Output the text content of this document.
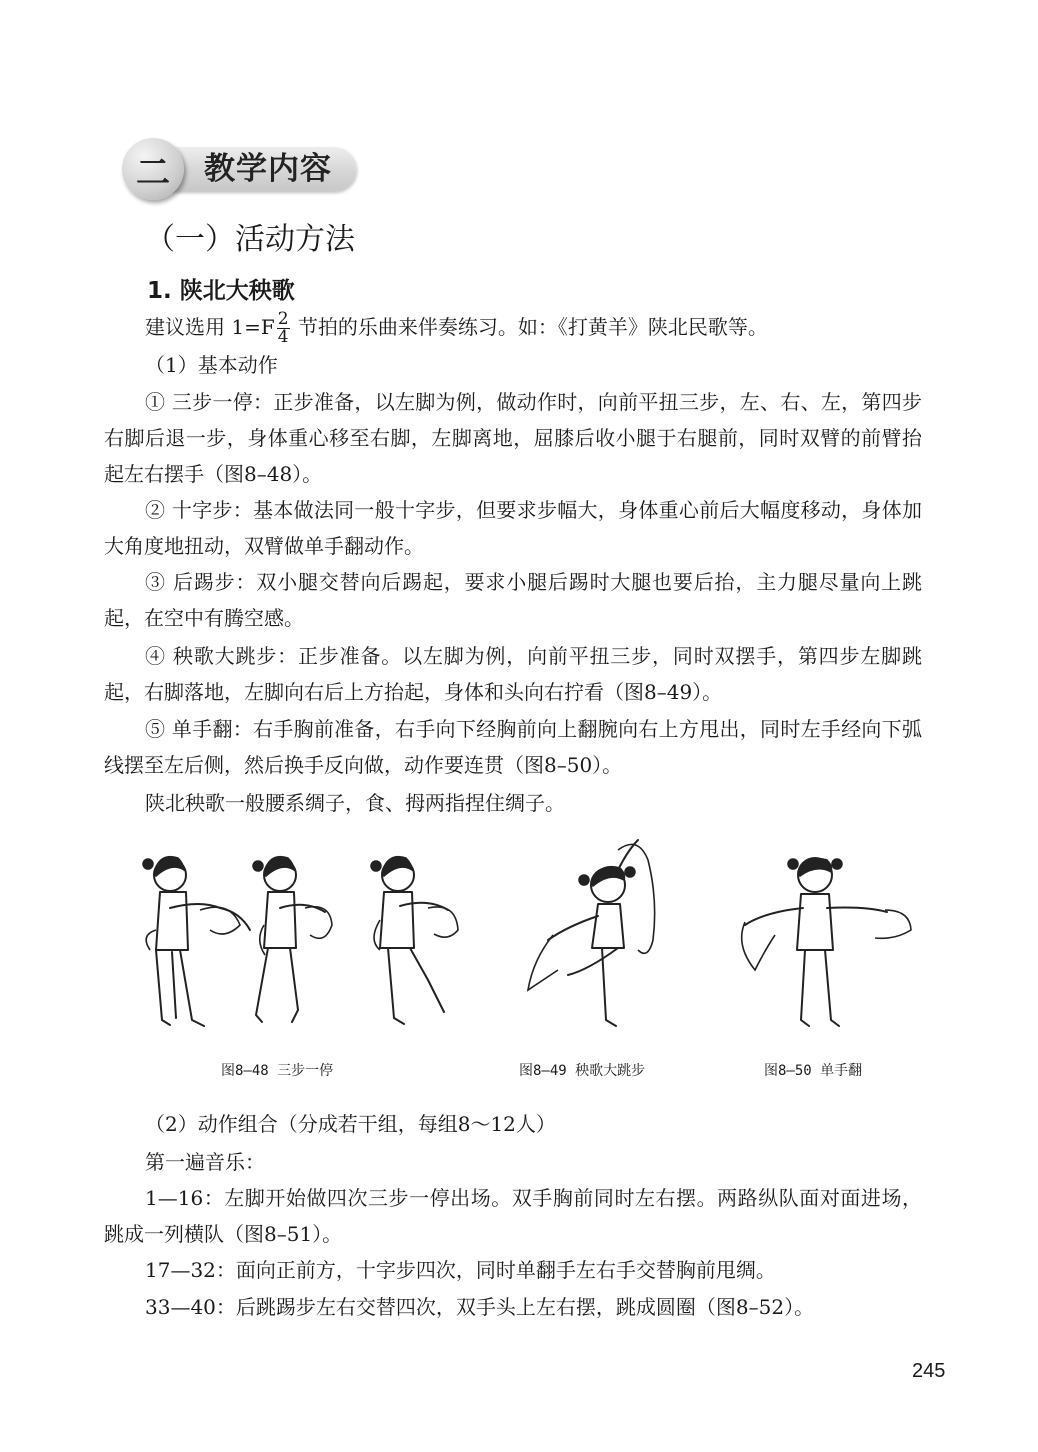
二	教学内容
（一）活动方法
1. 陕北大秧歌
建议选用 $1=F \frac{2}{4}$ 节拍的乐曲来伴奏练习。如：《打黄羊》陕北民歌等。
（1）基本动作
① 三步一停：正步准备，以左脚为例，做动作时，向前平扭三步，左、右、左，第四步右脚后退一步，身体重心移至右脚，左脚离地，屈膝后收小腿于右腿前，同时双臂的前臂抬起左右摆手（图8–48）。
② 十字步：基本做法同一般十字步，但要求步幅大，身体重心前后大幅度移动，身体加大角度地扭动，双臂做单手翻动作。
③ 后踢步：双小腿交替向后踢起，要求小腿后踢时大腿也要后抬，主力腿尽量向上跳起，在空中有腾空感。
④ 秧歌大跳步：正步准备。以左脚为例，向前平扭三步，同时双摆手，第四步左脚跳起，右脚落地，左脚向右后上方抬起，身体和头向右拧看（图8–49）。
⑤ 单手翻：右手胸前准备，右手向下经胸前向上翻腕向右上方甩出，同时左手经向下弧线摆至左后侧，然后换手反向做，动作要连贯（图8–50）。
陕北秧歌一般腰系绸子，食、拇两指捏住绸子。
图8–48 三步一停	图8–49 秧歌大跳步	图8–50 单手翻
（2）动作组合（分成若干组，每组8～12人）
第一遍音乐：
1—16：左脚开始做四次三步一停出场。双手胸前同时左右摆。两路纵队面对面进场，跳成一列横队（图8–51）。
17—32：面向正前方，十字步四次，同时单翻手左右手交替胸前甩绸。
33—40：后跳踢步左右交替四次，双手头上左右摆，跳成圆圈（图8–52）。
245
